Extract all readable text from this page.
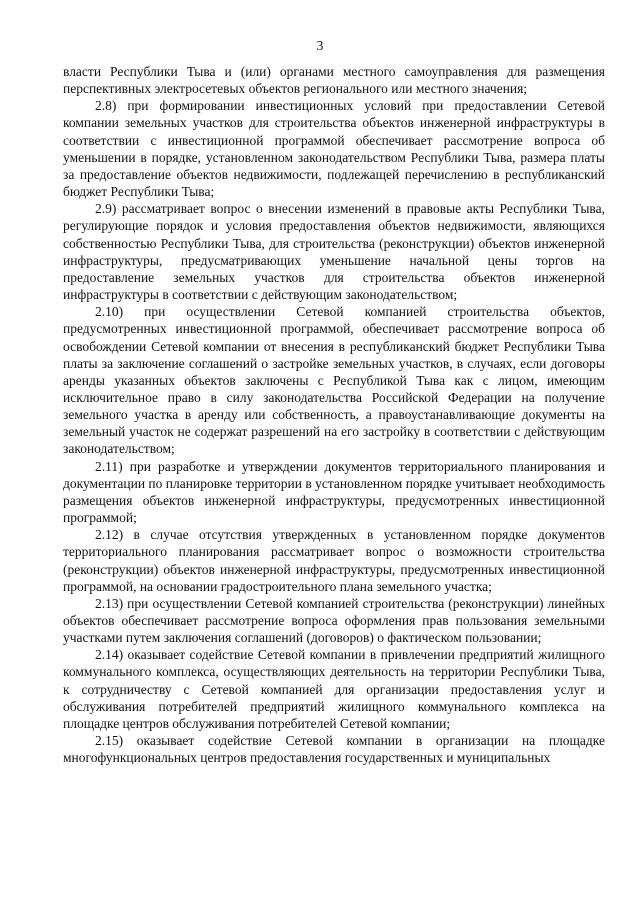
3

власти Республики Тыва и (или) органами местного самоуправления для размещения перспективных электросетевых объектов регионального или местного значения;

2.8) при формировании инвестиционных условий при предоставлении Сетевой компании земельных участков для строительства объектов инженерной инфраструктуры в соответствии с инвестиционной программой обеспечивает рассмотрение вопроса об уменьшении в порядке, установленном законодательством Республики Тыва, размера платы за предоставление объектов недвижимости, подлежащей перечислению в республиканский бюджет Республики Тыва;

2.9) рассматривает вопрос о внесении изменений в правовые акты Республики Тыва, регулирующие порядок и условия предоставления объектов недвижимости, являющихся собственностью Республики Тыва, для строительства (реконструкции) объектов инженерной инфраструктуры, предусматривающих уменьшение начальной цены торгов на предоставление земельных участков для строительства объектов инженерной инфраструктуры в соответствии с действующим законодательством;

2.10) при осуществлении Сетевой компанией строительства объектов, предусмотренных инвестиционной программой, обеспечивает рассмотрение вопроса об освобождении Сетевой компании от внесения в республиканский бюджет Республики Тыва платы за заключение соглашений о застройке земельных участков, в случаях, если договоры аренды указанных объектов заключены с Республикой Тыва как с лицом, имеющим исключительное право в силу законодательства Российской Федерации на получение земельного участка в аренду или собственность, а правоустанавливающие документы на земельный участок не содержат разрешений на его застройку в соответствии с действующим законодательством;

2.11) при разработке и утверждении документов территориального планирования и документации по планировке территории в установленном порядке учитывает необходимость размещения объектов инженерной инфраструктуры, предусмотренных инвестиционной программой;

2.12) в случае отсутствия утвержденных в установленном порядке документов территориального планирования рассматривает вопрос о возможности строительства (реконструкции) объектов инженерной инфраструктуры, предусмотренных инвестиционной программой, на основании градостроительного плана земельного участка;

2.13) при осуществлении Сетевой компанией строительства (реконструкции) линейных объектов обеспечивает рассмотрение вопроса оформления прав пользования земельными участками путем заключения соглашений (договоров) о фактическом пользовании;

2.14) оказывает содействие Сетевой компании в привлечении предприятий жилищного коммунального комплекса, осуществляющих деятельность на территории Республики Тыва, к сотрудничеству с Сетевой компанией для организации предоставления услуг и обслуживания потребителей предприятий жилищного коммунального комплекса на площадке центров обслуживания потребителей Сетевой компании;

2.15) оказывает содействие Сетевой компании в организации на площадке многофункциональных центров предоставления государственных и муниципальных
